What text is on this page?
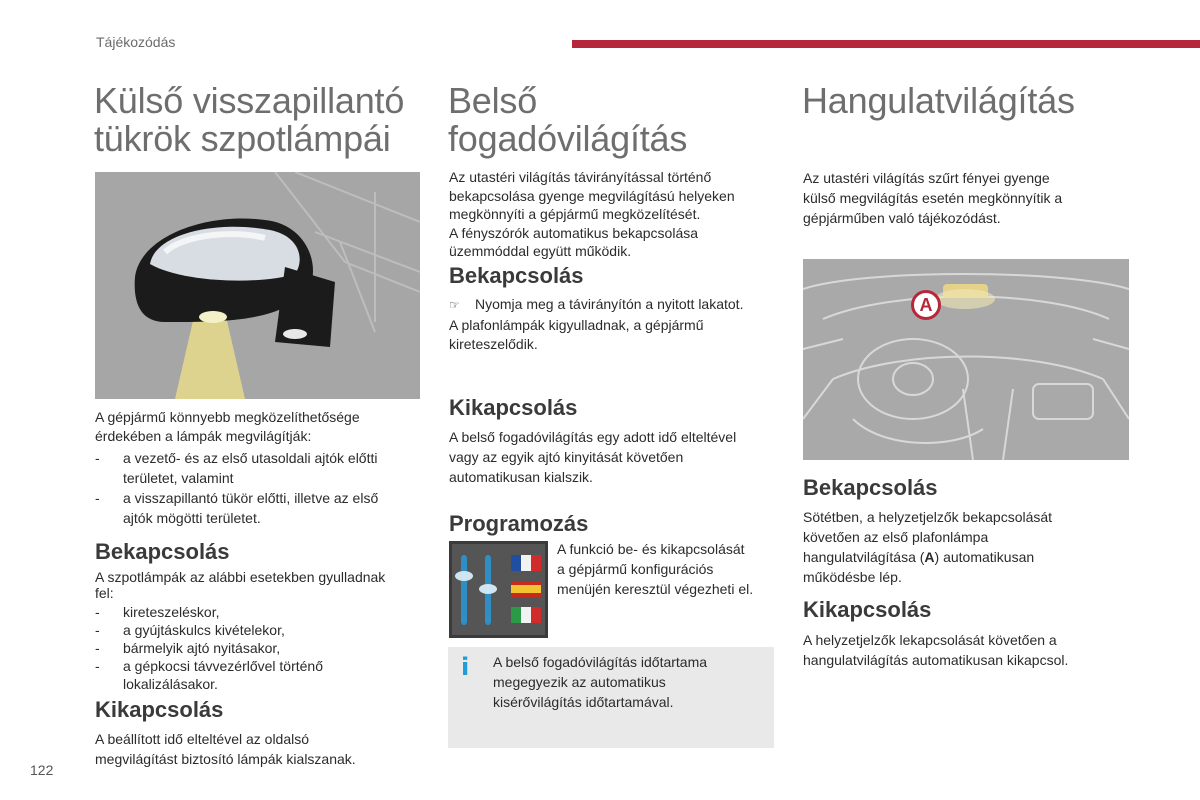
Tájékozódás
Külső visszapillantó
tükrök szpotlámpái
A gépjármű könnyebb megközelíthetősége
érdekében a lámpák megvilágítják:
- a vezető- és az első utasoldali ajtók előtti
területet, valamint
- a visszapillantó tükör előtti, illetve az első
ajtók mögötti területet.
Bekapcsolás
A szpotlámpák az alábbi esetekben gyulladnak
fel:
- kireteszeléskor,
- a gyújtáskulcs kivételekor,
- bármelyik ajtó nyitásakor,
- a gépkocsi távvezérlővel történő
lokalizálásakor.
Kikapcsolás
A beállított idő elteltével az oldalsó
megvilágítást biztosító lámpák kialszanak.
Belső
fogadóvilágítás
Az utastéri világítás távirányítással történő
bekapcsolása gyenge megvilágítású helyeken
megkönnyíti a gépjármű megközelítését.
A fényszórók automatikus bekapcsolása
üzemmóddal együtt működik.
Bekapcsolás
☞ Nyomja meg a távirányítón a nyitott lakatot.
A plafonlámpák kigyulladnak, a gépjármű
kireteszelődik.
Kikapcsolás
A belső fogadóvilágítás egy adott idő elteltével
vagy az egyik ajtó kinyitását követően
automatikusan kialszik.
Programozás
A funkció be- és kikapcsolását
a gépjármű konfigurációs
menüjén keresztül végezheti el.
i A belső fogadóvilágítás időtartama
megegyezik az automatikus
kisérővilágítás időtartamával.
Hangulatvilágítás
Az utastéri világítás szűrt fényei gyenge
külső megvilágítás esetén megkönnyítik a
gépjárműben való tájékozódást.
A
Bekapcsolás
Sötétben, a helyzetjelzők bekapcsolását
követően az első plafonlámpa
hangulatvilágítása (A) automatikusan
működésbe lép.
Kikapcsolás
A helyzetjelzők lekapcsolását követően a
hangulatvilágítás automatikusan kikapcsol.
122
